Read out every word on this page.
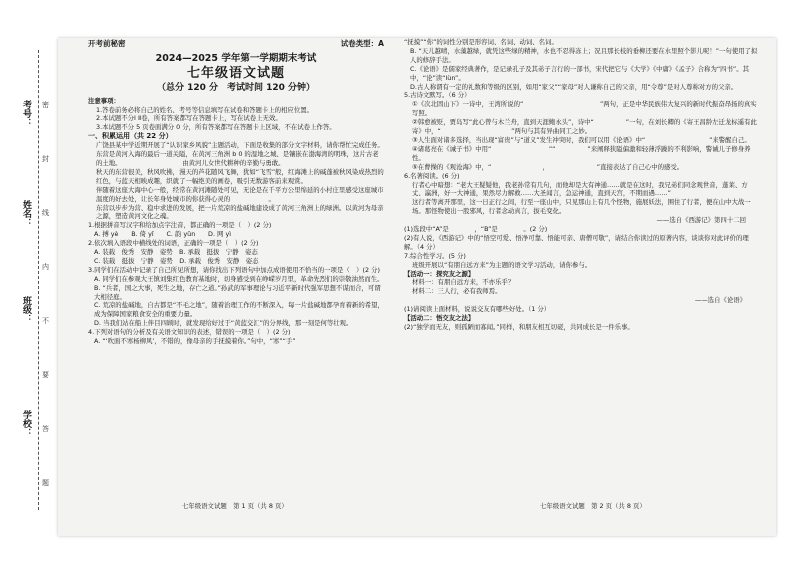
学校：
班级：
姓名：
考号：
题
答
要
不
内
线
封
密
开考前秘密	试卷类型：A
2024—2025 学年第一学期期末考试
七年级语文试题
（总分 120 分　考试时间 120 分钟）
注意事项：
1.答卷前务必将自己的姓名、考号等信息填写在试卷和答题卡上的相应位置。
2.本试题不分Ⅰ Ⅱ卷，所有答案都写在答题卡上，写在试卷上无效。
3.本试题不分 5 页卷面满分 0 分，所有答案都写在答题卡上区域，不在试卷上作答。
一、积累运用（共 22 分）
广饶县某中学近期开展了“认识家乡风貌”主题活动，下面是收集的部分文字材料，请你帮忙完成任务。
东营是黄河入海的最后一道关隘，在黄河三角洲 b 0 的湿地之城、是镶嵌在渤海湾的明珠，这片古老的土地。　　　　　　　　　　由黄河儿女世代耕种的辛勤与勇敢。
秋天的东营很美，秋风吹拂，漫天的芦花随风飞舞，犹如“飞雪”般，红海滩上的碱蓬被秋风染成热烈的红色，与蓝天相映成趣，织就了一幅绝美的画卷，吸引无数游客前来观赏。
伴随着这座大海中心一般，经常在黄河滩随处可见，无论是在千平方公里绵延的小村庄里感受这座城市温度的好去处，让长年身处城市的你获得心灵的　　　　　　。
东营以步步为营、稳中求进的发展，把一片荒凉的盐碱地建设成了黄河三角洲上的绿洲。以黄河为母亲之源，塑造黄河文化之魂。
1.根据拼音写汉字和给加点字注音，都正确的一项是（　）(2 分)
A. 搏 yè　　B. 倚 yǐ　　C. 韵 yǔn　　D. 网 yì
2.依次填入语段中横线处的词语，正确的一项是（　）(2 分)
A. 装载　俊秀　安静　姿势　B. 承载　挺拔　宁静　姿态
C. 装载　挺拔　宁静　姿势　D. 承载　俊秀　安静　姿态
3.同学们在活动中记录了自己所见所想，请你找出下列语句中加点成语使用不恰当的一项是（　）(2 分)
A. 同学们在参观大王镇刘集红色教育基地时，切身感受到在峥嵘岁月里，革命先烈们的崇敬油然而生。
B. “兵者，国之大事，死生之地，存亡之道。”孙武的军事理论与习近平新时代强军思想不谋而合，可谓大相径庭。
C. 荒凉的盐碱地，自古都是“不毛之地”，随着治理工作的不断深入，每一片盐碱地都孕育着新的希望，成为保障国家粮食安全的重要力量。
D. 当我们站在船上伴目四顾时，就发现给好过于“黄蓝交汇”的分界线，那一刻是何等壮观。
4.下列对语句的分析及有关语文知识的表述，错误的一项是（　）(2 分)
A. “‘吹面不寒杨柳风’，不错的，像母亲的手抚摸着你。”句中，“寒”“手”
“抚摸”“你”的词性分别是形容词、名词、动词、名词。
B. “天儿越晴，水藻越绿，就凭这些绿的精神，水也不忍得冻上；况且那长枝的垂柳还要在水里照个影儿呢！”一句使用了拟人的修辞手法。
C.《论语》是儒家经典著作，是记录孔子及其弟子言行的一部书，宋代把它与《大学》《中庸》《孟子》合称为“四书”。其中，“论”读“lùn”。
D.古人称谓有一定的礼数和等级的区别，如用“家父”“家母”对人谦称自己的父亲，用“令尊”是对人尊称对方的父亲。
5.古诗文默写。（6 分）
①《次北固山下》一诗中，王湾所说的“　　　　　　　　　　　　”两句，正是中华民族伟大复兴的新时代振奋昂扬的真实写照。
②韩愈被贬，贾岛写“此心曾与木兰舟，直到天涯鲍永头”，诗中“　　　　　”一句，在刘长卿的《寄王昌龄左迁龙标遥有此寄》中，“　　　　　　　　　　　”两句与其有异曲同工之妙。
③人生面对诸多选择，当出现“富贵”与“道义”发生冲突时，我们可以用《论语》中“　　　　　　　　　　”来警醒自己。
④诸葛亮在《诫子书》中用“　　　　　　　　　”“　　　　　”来阐释狭隘偏激和轻薄浮躁的不利影响，警诫儿子修身养性。
⑤在曹操的《观沧海》中，“　　　　　　　　，　　　　　　　　”直接表达了自己心中的感受。
6.名著阅读。(6 分)
行者心中暗想：“老大王疑疑他，我老孙常有几句，而他却是大有神通……就是在这时，我兄弟们同念观世音，蓬莱、方丈、瀛洲，好一大神通，果然尽力解救……大圣闻言，急运神通，直到天宫，不期而遇……”
这行者等离开那里，这一日正行之间，行至一座山中，只见那山上有几个怪物，施展妖法，围住了行者，便在山中大战一场。那怪物使出一股邪风，行者念动真言，拔毛变化。
——选自《西游记》第四十二回
(1)选段中“A”是　　　　，“B”是　　　　。(2 分)
(2)有人说，《西游记》中的“悟空可爱、悟净可靠、悟能可亲、唐僧可敬”，请结合你读过的原著内容，谈谈你对此评价的理解。（4 分）
7.综合性学习。(5 分)
班级开展以“有朋自远方来”为主题的语文学习活动，请你参与。
【活动一：探究友之源】
材料一：有朋自远方来，不亦乐乎？
材料二：三人行，必有我师焉。
——选自《论语》
(1)请阅读上面材料，说说交友有哪些好处。（1 分）
【活动二：悟交友之法】
(2)“独学而无友，则孤陋而寡闻。”同样，和朋友相互切磋，共同成长是一件乐事。
七年级语文试题　第 1 页（共 8 页）	七年级语文试题　第 2 页（共 8 页）
